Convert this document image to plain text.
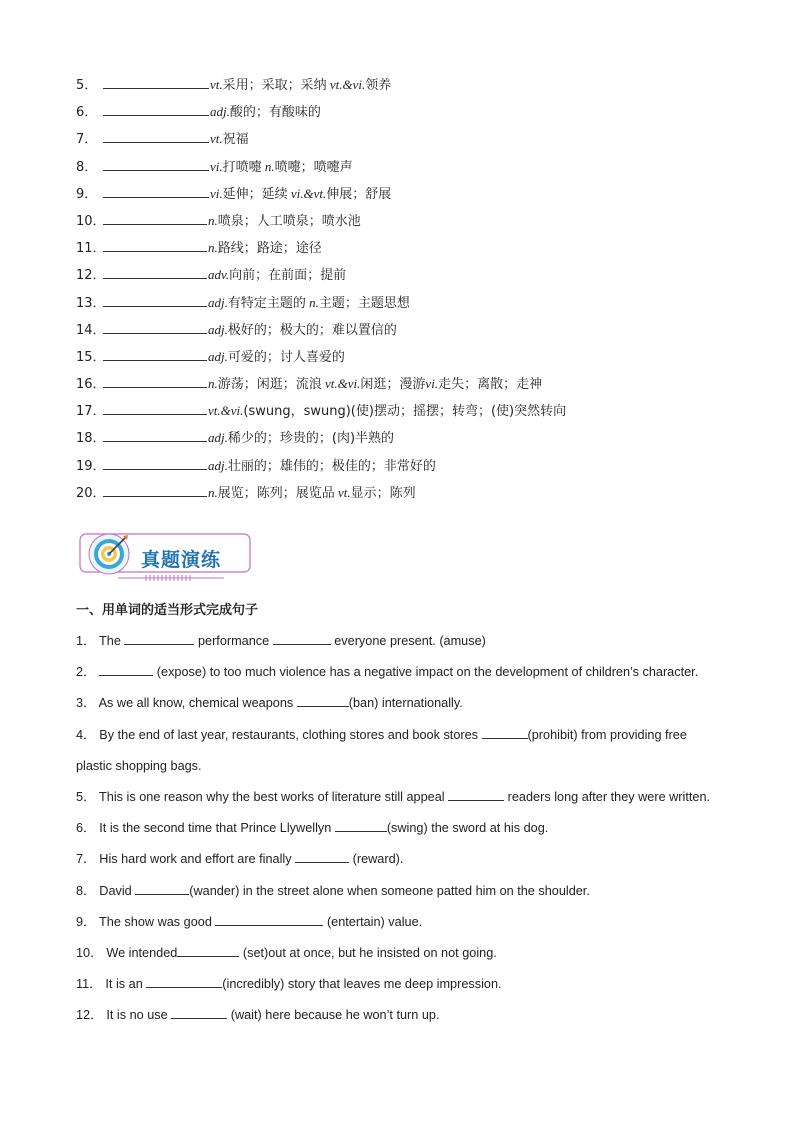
5．	vt.采用；采取；采纳 vt.&vi.领养
6．	adj.酸的；有酸味的
7．	vt.祝福
8．	vi.打喷嚏 n.喷嚏；喷嚏声
9．	vi.延伸；延续 vi.&vt.伸展；舒展
10．	n.喷泉；人工喷泉；喷水池
11．	n.路线；路途；途径
12．	adv.向前；在前面；提前
13．	adj.有特定主题的 n.主题；主题思想
14．	adj.极好的；极大的；难以置信的
15．	adj.可爱的；讨人喜爱的
16．	n.游荡；闲逛；流浪 vt.&vi.闲逛；漫游vi.走失；离散；走神
17．	vt.&vi.(swung，swung)(使)摆动；摇摆；转弯；(使)突然转向
18．	adj.稀少的；珍贵的；(肉)半熟的
19．	adj.壮丽的；雄伟的；极佳的；非常好的
20．	n.展览；陈列；展览品 vt.显示；陈列
真题演练
一、用单词的适当形式完成句子
1． The	performance	everyone present. (amuse)
2．	(expose) to too much violence has a negative impact on the development of children’s character.
3． As we all know, chemical weapons	(ban) internationally.
4． By the end of last year, restaurants, clothing stores and book stores	(prohibit) from providing free
plastic shopping bags.
5． This is one reason why the best works of literature still appeal	readers long after they were written.
6． It is the second time that Prince Llywellyn	(swing) the sword at his dog.
7． His hard work and effort are finally	(reward).
8． David	(wander) in the street alone when someone patted him on the shoulder.
9． The show was good	(entertain) value.
10． We intended	(set)out at once, but he insisted on not going.
11． It is an	(incredibly) story that leaves me deep impression.
12． It is no use	(wait) here because he won’t turn up.
